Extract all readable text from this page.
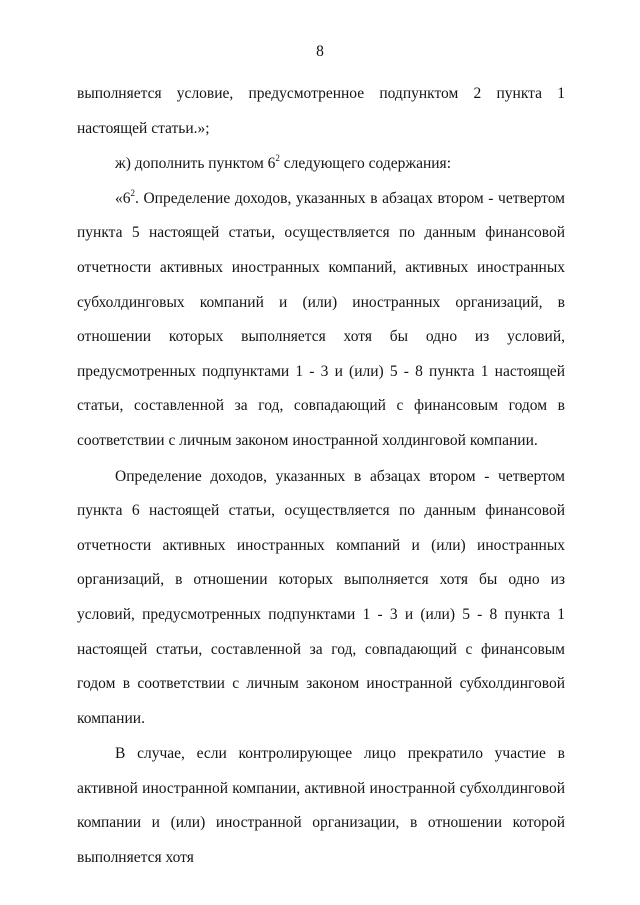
8

выполняется условие, предусмотренное подпунктом 2 пункта 1 настоящей статьи.»;

ж) дополнить пунктом $6^2$ следующего содержания:

«$6^2$. Определение доходов, указанных в абзацах втором - четвертом пункта 5 настоящей статьи, осуществляется по данным финансовой отчетности активных иностранных компаний, активных иностранных субхолдинговых компаний и (или) иностранных организаций, в отношении которых выполняется хотя бы одно из условий, предусмотренных подпунктами 1 - 3 и (или) 5 - 8 пункта 1 настоящей статьи, составленной за год, совпадающий с финансовым годом в соответствии с личным законом иностранной холдинговой компании.

Определение доходов, указанных в абзацах втором - четвертом пункта 6 настоящей статьи, осуществляется по данным финансовой отчетности активных иностранных компаний и (или) иностранных организаций, в отношении которых выполняется хотя бы одно из условий, предусмотренных подпунктами 1 - 3 и (или) 5 - 8 пункта 1 настоящей статьи, составленной за год, совпадающий с финансовым годом в соответствии с личным законом иностранной субхолдинговой компании.

В случае, если контролирующее лицо прекратило участие в активной иностранной компании, активной иностранной субхолдинговой компании и (или) иностранной организации, в отношении которой выполняется хотя
